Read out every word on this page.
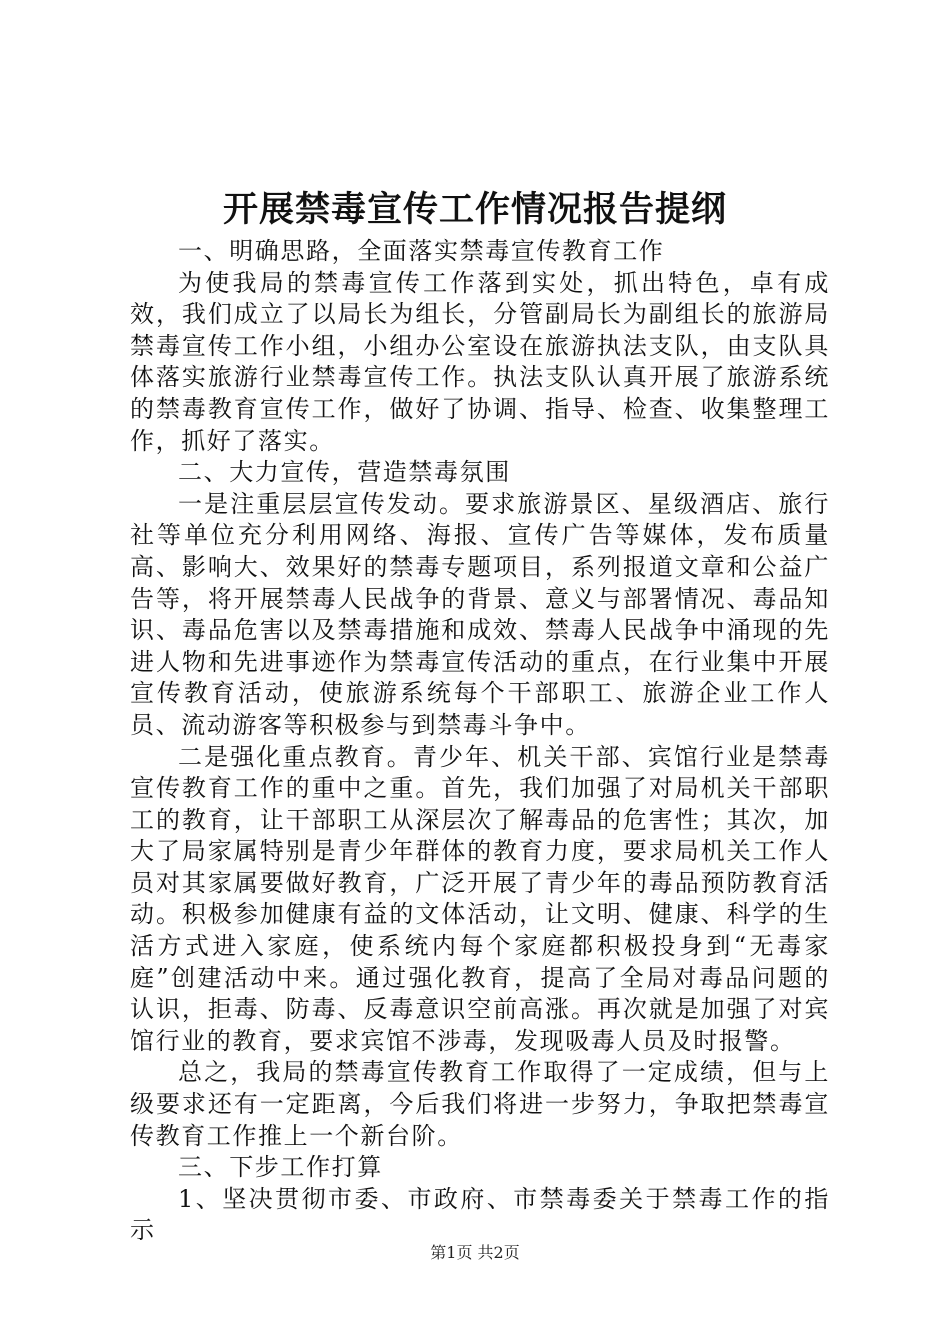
开展禁毒宣传工作情况报告提纲

一、明确思路，全面落实禁毒宣传教育工作

为使我局的禁毒宣传工作落到实处，抓出特色，卓有成效，我们成立了以局长为组长，分管副局长为副组长的旅游局禁毒宣传工作小组，小组办公室设在旅游执法支队，由支队具体落实旅游行业禁毒宣传工作。执法支队认真开展了旅游系统的禁毒教育宣传工作，做好了协调、指导、检查、收集整理工作，抓好了落实。

二、大力宣传，营造禁毒氛围

一是注重层层宣传发动。要求旅游景区、星级酒店、旅行社等单位充分利用网络、海报、宣传广告等媒体，发布质量高、影响大、效果好的禁毒专题项目，系列报道文章和公益广告等，将开展禁毒人民战争的背景、意义与部署情况、毒品知识、毒品危害以及禁毒措施和成效、禁毒人民战争中涌现的先进人物和先进事迹作为禁毒宣传活动的重点，在行业集中开展宣传教育活动，使旅游系统每个干部职工、旅游企业工作人员、流动游客等积极参与到禁毒斗争中。

二是强化重点教育。青少年、机关干部、宾馆行业是禁毒宣传教育工作的重中之重。首先，我们加强了对局机关干部职工的教育，让干部职工从深层次了解毒品的危害性；其次，加大了局家属特别是青少年群体的教育力度，要求局机关工作人员对其家属要做好教育，广泛开展了青少年的毒品预防教育活动。积极参加健康有益的文体活动，让文明、健康、科学的生活方式进入家庭，使系统内每个家庭都积极投身到“无毒家庭”创建活动中来。通过强化教育，提高了全局对毒品问题的认识，拒毒、防毒、反毒意识空前高涨。再次就是加强了对宾馆行业的教育，要求宾馆不涉毒，发现吸毒人员及时报警。

总之，我局的禁毒宣传教育工作取得了一定成绩，但与上级要求还有一定距离，今后我们将进一步努力，争取把禁毒宣传教育工作推上一个新台阶。

三、下步工作打算

1、坚决贯彻市委、市政府、市禁毒委关于禁毒工作的指示

第1页 共2页
